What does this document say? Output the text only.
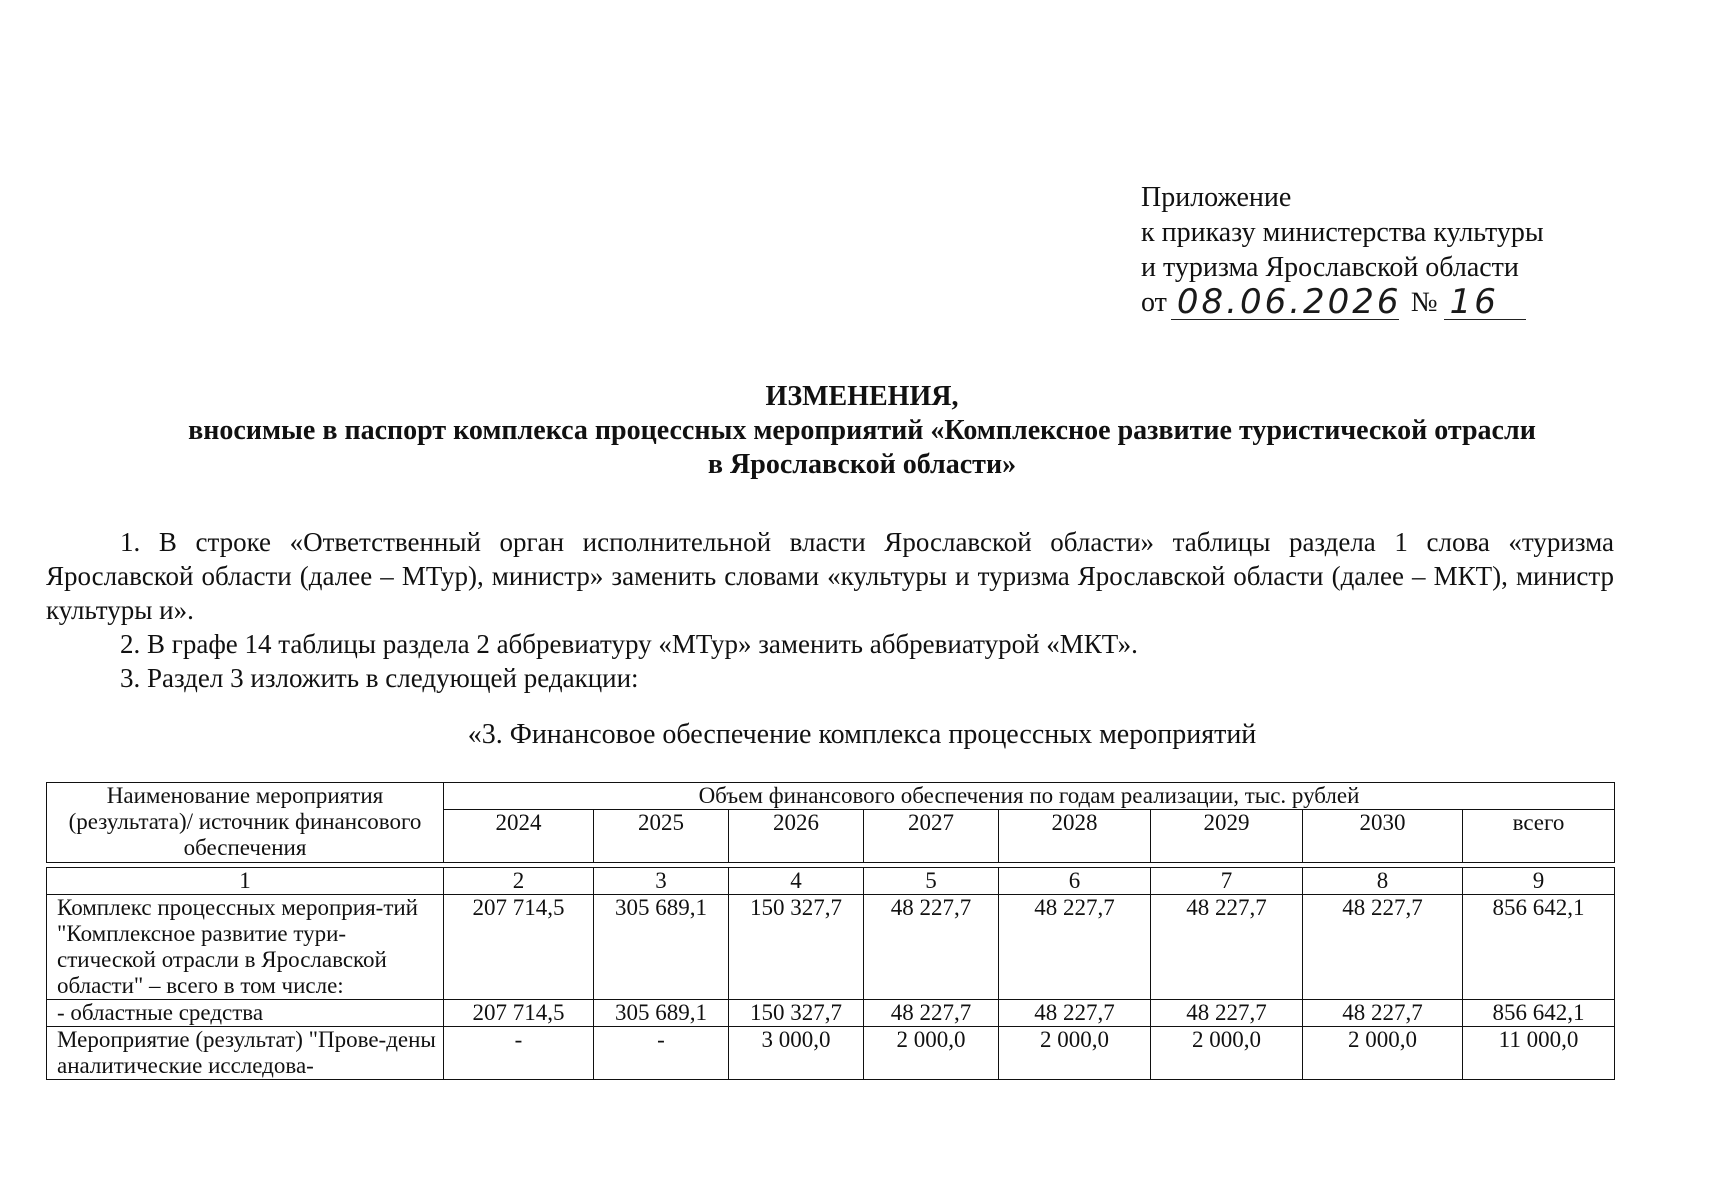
Приложение
к приказу министерства культуры
и туризма Ярославской области
от 08.06.2026 № 16
ИЗМЕНЕНИЯ,
вносимые в паспорт комплекса процессных мероприятий «Комплексное развитие туристической отрасли
в Ярославской области»

1. В строке «Ответственный орган исполнительной власти Ярославской области» таблицы раздела 1 слова «туризма Ярославской области (далее – МТур), министр» заменить словами «культуры и туризма Ярославской области (далее – МКТ), министр культуры и».

2. В графе 14 таблицы раздела 2 аббревиатуру «МТур» заменить аббревиатурой «МКТ».

3. Раздел 3 изложить в следующей редакции:

«3. Финансовое обеспечение комплекса процессных мероприятий
Наименование мероприятия (результата)/ источник финансового обеспечения	Объем финансового обеспечения по годам реализации, тыс. рублей							
	2024	2025	2026	2027	2028	2029	2030	всего

1	2	3	4	5	6	7	8	9
Комплекс процессных мероприя-тий "Комплексное развитие тури-стической отрасли в Ярославской области" – всего в том числе:	207 714,5	305 689,1	150 327,7	48 227,7	48 227,7	48 227,7	48 227,7	856 642,1
- областные средства	207 714,5	305 689,1	150 327,7	48 227,7	48 227,7	48 227,7	48 227,7	856 642,1
Мероприятие (результат) "Прове-дены аналитические исследова-	-	-	3 000,0	2 000,0	2 000,0	2 000,0	2 000,0	11 000,0
